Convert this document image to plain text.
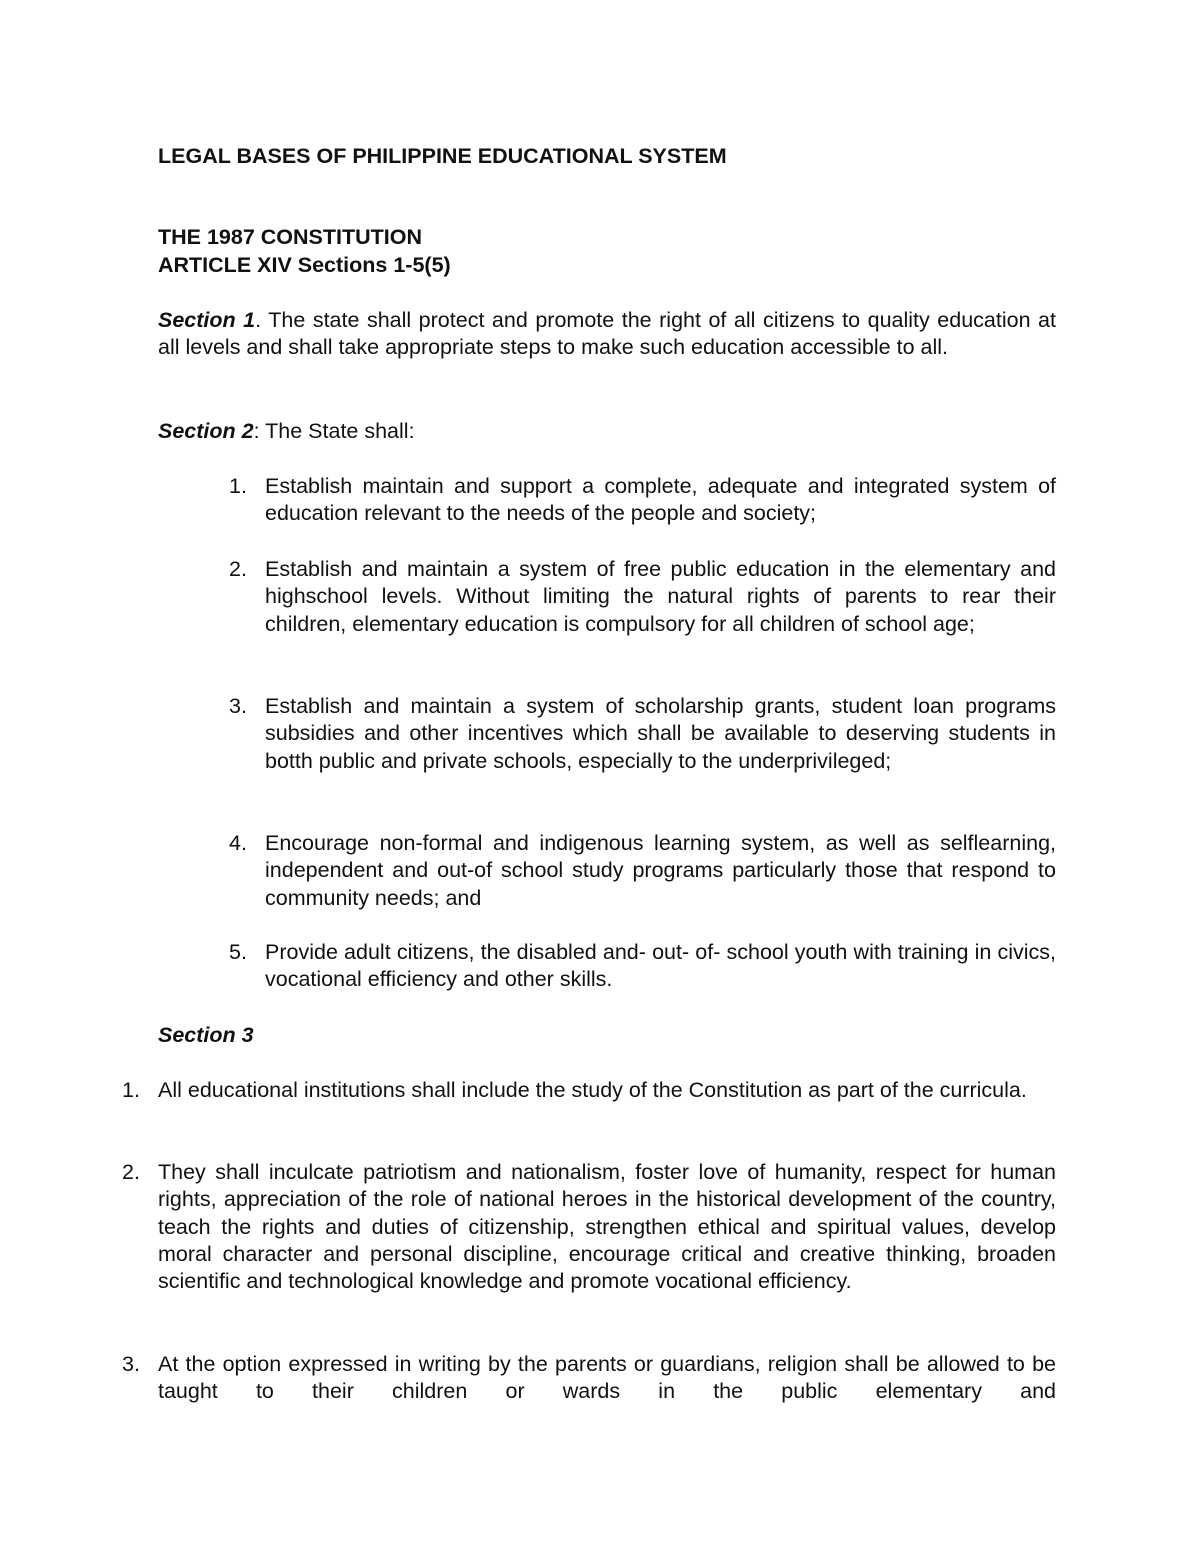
LEGAL BASES OF PHILIPPINE EDUCATIONAL SYSTEM

THE 1987 CONSTITUTION

ARTICLE XIV Sections 1-5(5)

Section 1. The state shall protect and promote the right of all citizens to quality education at all levels and shall take appropriate steps to make such education accessible to all.

Section 2: The State shall:

1. Establish maintain and support a complete, adequate and integrated system of education relevant to the needs of the people and society;

2. Establish and maintain a system of free public education in the elementary and highschool levels. Without limiting the natural rights of parents to rear their children, elementary education is compulsory for all children of school age;

3. Establish and maintain a system of scholarship grants, student loan programs subsidies and other incentives which shall be available to deserving students in botth public and private schools, especially to the underprivileged;

4. Encourage non-formal and indigenous learning system, as well as selflearning, independent and out-of school study programs particularly those that respond to community needs; and

5. Provide adult citizens, the disabled and- out- of- school youth with training in civics, vocational efficiency and other skills.

Section 3

1. All educational institutions shall include the study of the Constitution as part of the curricula.

2. They shall inculcate patriotism and nationalism, foster love of humanity, respect for human rights, appreciation of the role of national heroes in the historical development of the country, teach the rights and duties of citizenship, strengthen ethical and spiritual values, develop moral character and personal discipline, encourage critical and creative thinking, broaden scientific and technological knowledge and promote vocational efficiency.

3. At the option expressed in writing by the parents or guardians, religion shall be allowed to be taught to their children or wards in the public elementary and
